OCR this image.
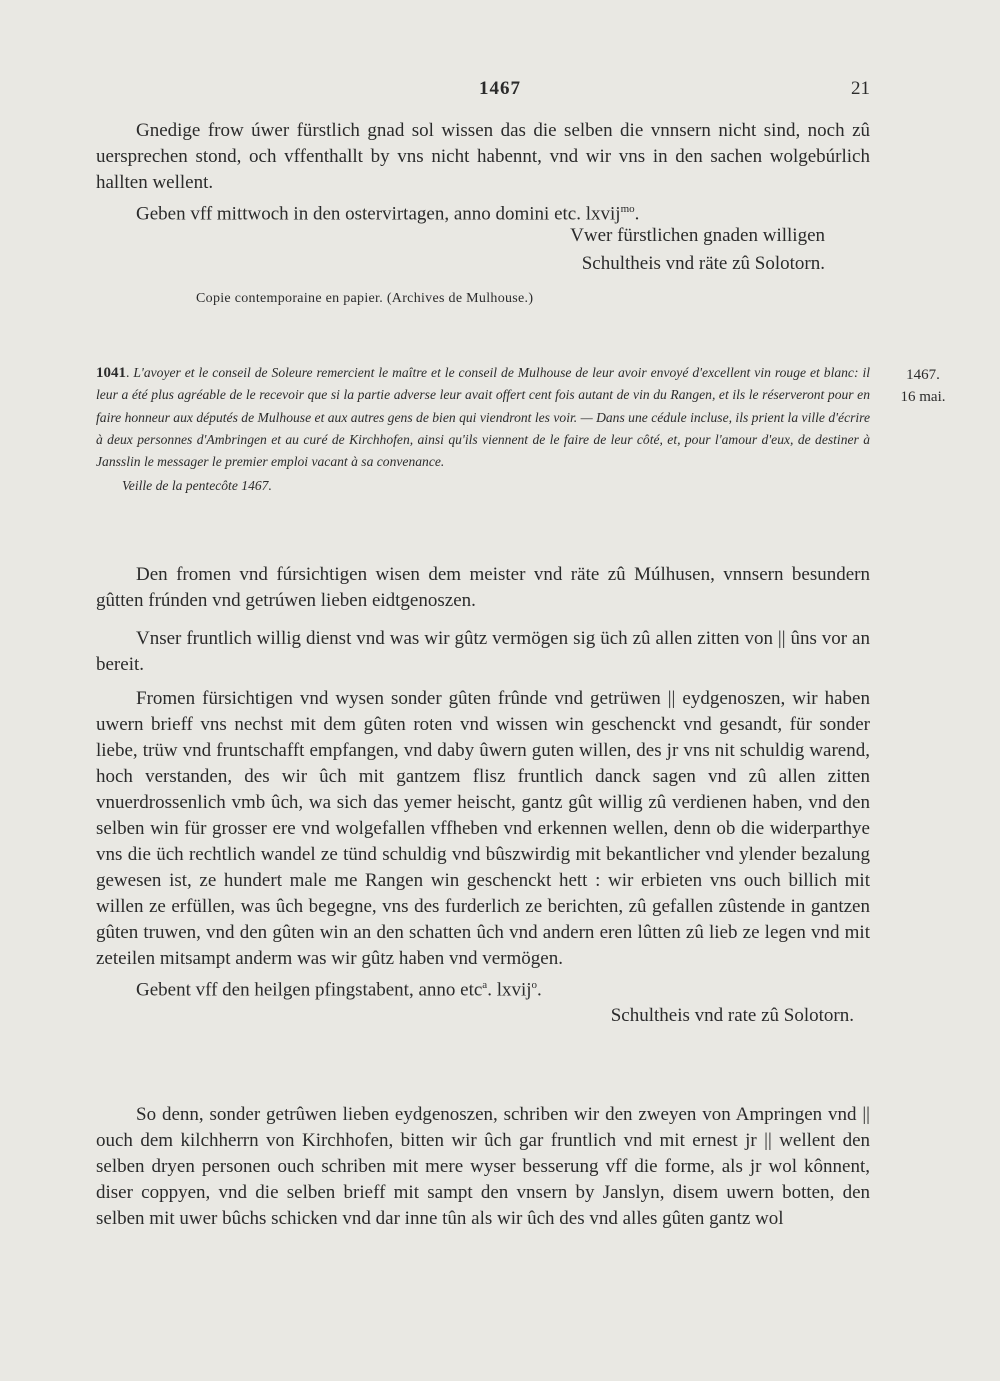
1467	21

Gnedige frow úwer fürstlich gnad sol wissen das die selben die vnnsern nicht sind, noch zû uersprechen stond, och vffenthallt by vns nicht habennt, vnd wir vns in den sachen wolgebúrlich hallten wellent.

Geben vff mittwoch in den ostervirtagen, anno domini etc. lxvij$^{mo}$.

Vwer fürstlichen gnaden willigen
Schultheis vnd räte zû Solotorn.
Copie contemporaine en papier. (Archives de Mulhouse.)
1041. L'avoyer et le conseil de Soleure remercient le maître et le conseil de Mulhouse de leur avoir envoyé d'excellent vin rouge et blanc: il leur a été plus agréable de le recevoir que si la partie adverse leur avait offert cent fois autant de vin du Rangen, et ils le réserveront pour en faire honneur aux députés de Mulhouse et aux autres gens de bien qui viendront les voir. — Dans une cédule incluse, ils prient la ville d'écrire à deux personnes d'Ambringen et au curé de Kirchhofen, ainsi qu'ils viennent de le faire de leur côté, et, pour l'amour d'eux, de destiner à Jansslin le messager le premier emploi vacant à sa convenance.
Veille de la pentecôte 1467.
1467.
16 mai.

Den fromen vnd fúrsichtigen wisen dem meister vnd räte zû Múlhusen, vnnsern besundern gûtten frúnden vnd getrúwen lieben eidtgenoszen.

Vnser fruntlich willig dienst vnd was wir gûtz vermögen sig üch zû allen zitten von || ûns vor an bereit.

Fromen fürsichtigen vnd wysen sonder gûten frûnde vnd getrüwen || eydgenoszen, wir haben uwern brieff vns nechst mit dem gûten roten vnd wissen win geschenckt vnd gesandt, für sonder liebe, trüw vnd fruntschafft empfangen, vnd daby ûwern guten willen, des jr vns nit schuldig warend, hoch verstanden, des wir ûch mit gantzem flisz fruntlich danck sagen vnd zû allen zitten vnuerdrossenlich vmb ûch, wa sich das yemer heischt, gantz gût willig zû verdienen haben, vnd den selben win für grosser ere vnd wolgefallen vffheben vnd erkennen wellen, denn ob die widerparthye vns die üch rechtlich wandel ze tünd schuldig vnd bûszwirdig mit bekantlicher vnd ylender bezalung gewesen ist, ze hundert male me Rangen win geschenckt hett : wir erbieten vns ouch billich mit willen ze erfüllen, was ûch begegne, vns des furderlich ze berichten, zû gefallen zûstende in gantzen gûten truwen, vnd den gûten win an den schatten ûch vnd andern eren lûtten zû lieb ze legen vnd mit zeteilen mitsampt anderm was wir gûtz haben vnd vermögen.

Gebent vff den heilgen pfingstabent, anno etc$^a$. lxvij$^o$.

Schultheis vnd rate zû Solotorn.

So denn, sonder getrûwen lieben eydgenoszen, schriben wir den zweyen von Ampringen vnd || ouch dem kilchherrn von Kirchhofen, bitten wir ûch gar fruntlich vnd mit ernest jr || wellent den selben dryen personen ouch schriben mit mere wyser besserung vff die forme, als jr wol kônnent, diser coppyen, vnd die selben brieff mit sampt den vnsern by Janslyn, disem uwern botten, den selben mit uwer bûchs schicken vnd dar inne tûn als wir ûch des vnd alles gûten gantz wol
